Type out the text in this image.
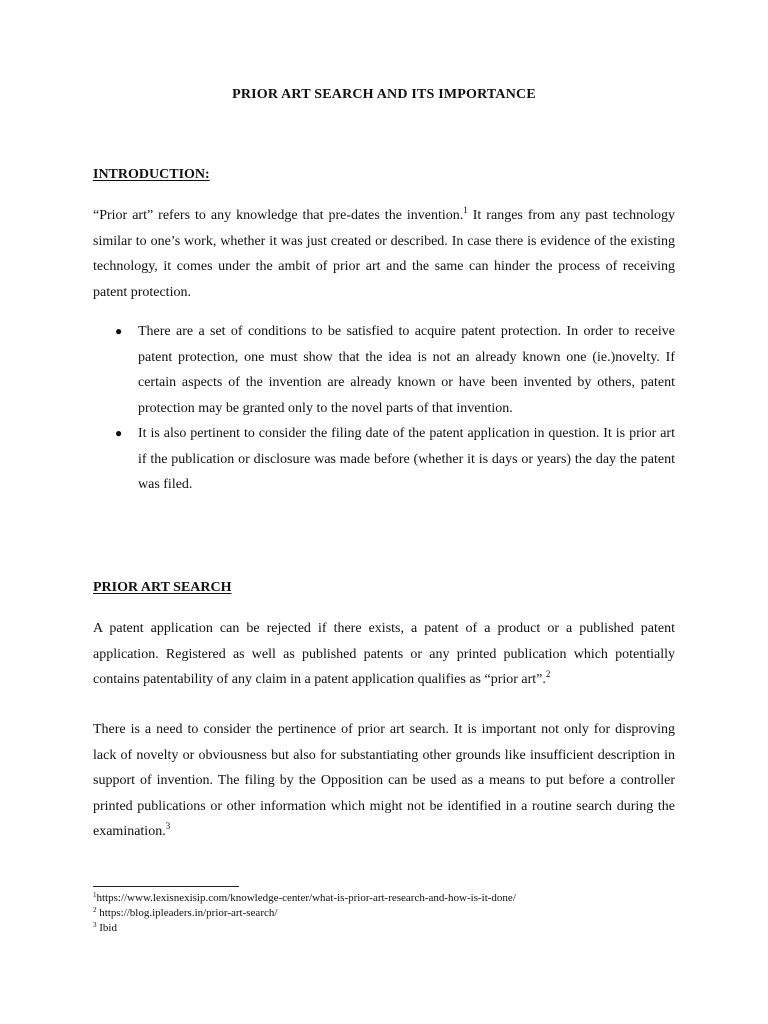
PRIOR ART SEARCH AND ITS IMPORTANCE
INTRODUCTION:

“Prior art” refers to any knowledge that pre-dates the invention.$^1$ It ranges from any past technology similar to one’s work, whether it was just created or described. In case there is evidence of the existing technology, it comes under the ambit of prior art and the same can hinder the process of receiving patent protection.

● There are a set of conditions to be satisfied to acquire patent protection. In order to receive patent protection, one must show that the idea is not an already known one (ie.)novelty. If certain aspects of the invention are already known or have been invented by others, patent protection may be granted only to the novel parts of that invention.
● It is also pertinent to consider the filing date of the patent application in question. It is prior art if the publication or disclosure was made before (whether it is days or years) the day the patent was filed.
PRIOR ART SEARCH

A patent application can be rejected if there exists, a patent of a product or a published patent application. Registered as well as published patents or any printed publication which potentially contains patentability of any claim in a patent application qualifies as “prior art”.$^2$

There is a need to consider the pertinence of prior art search. It is important not only for disproving lack of novelty or obviousness but also for substantiating other grounds like insufficient description in support of invention. The filing by the Opposition can be used as a means to put before a controller printed publications or other information which might not be identified in a routine search during the examination.$^3$

$^1$https://www.lexisnexisip.com/knowledge-center/what-is-prior-art-research-and-how-is-it-done/
$^2$ https://blog.ipleaders.in/prior-art-search/
$^3$ Ibid
